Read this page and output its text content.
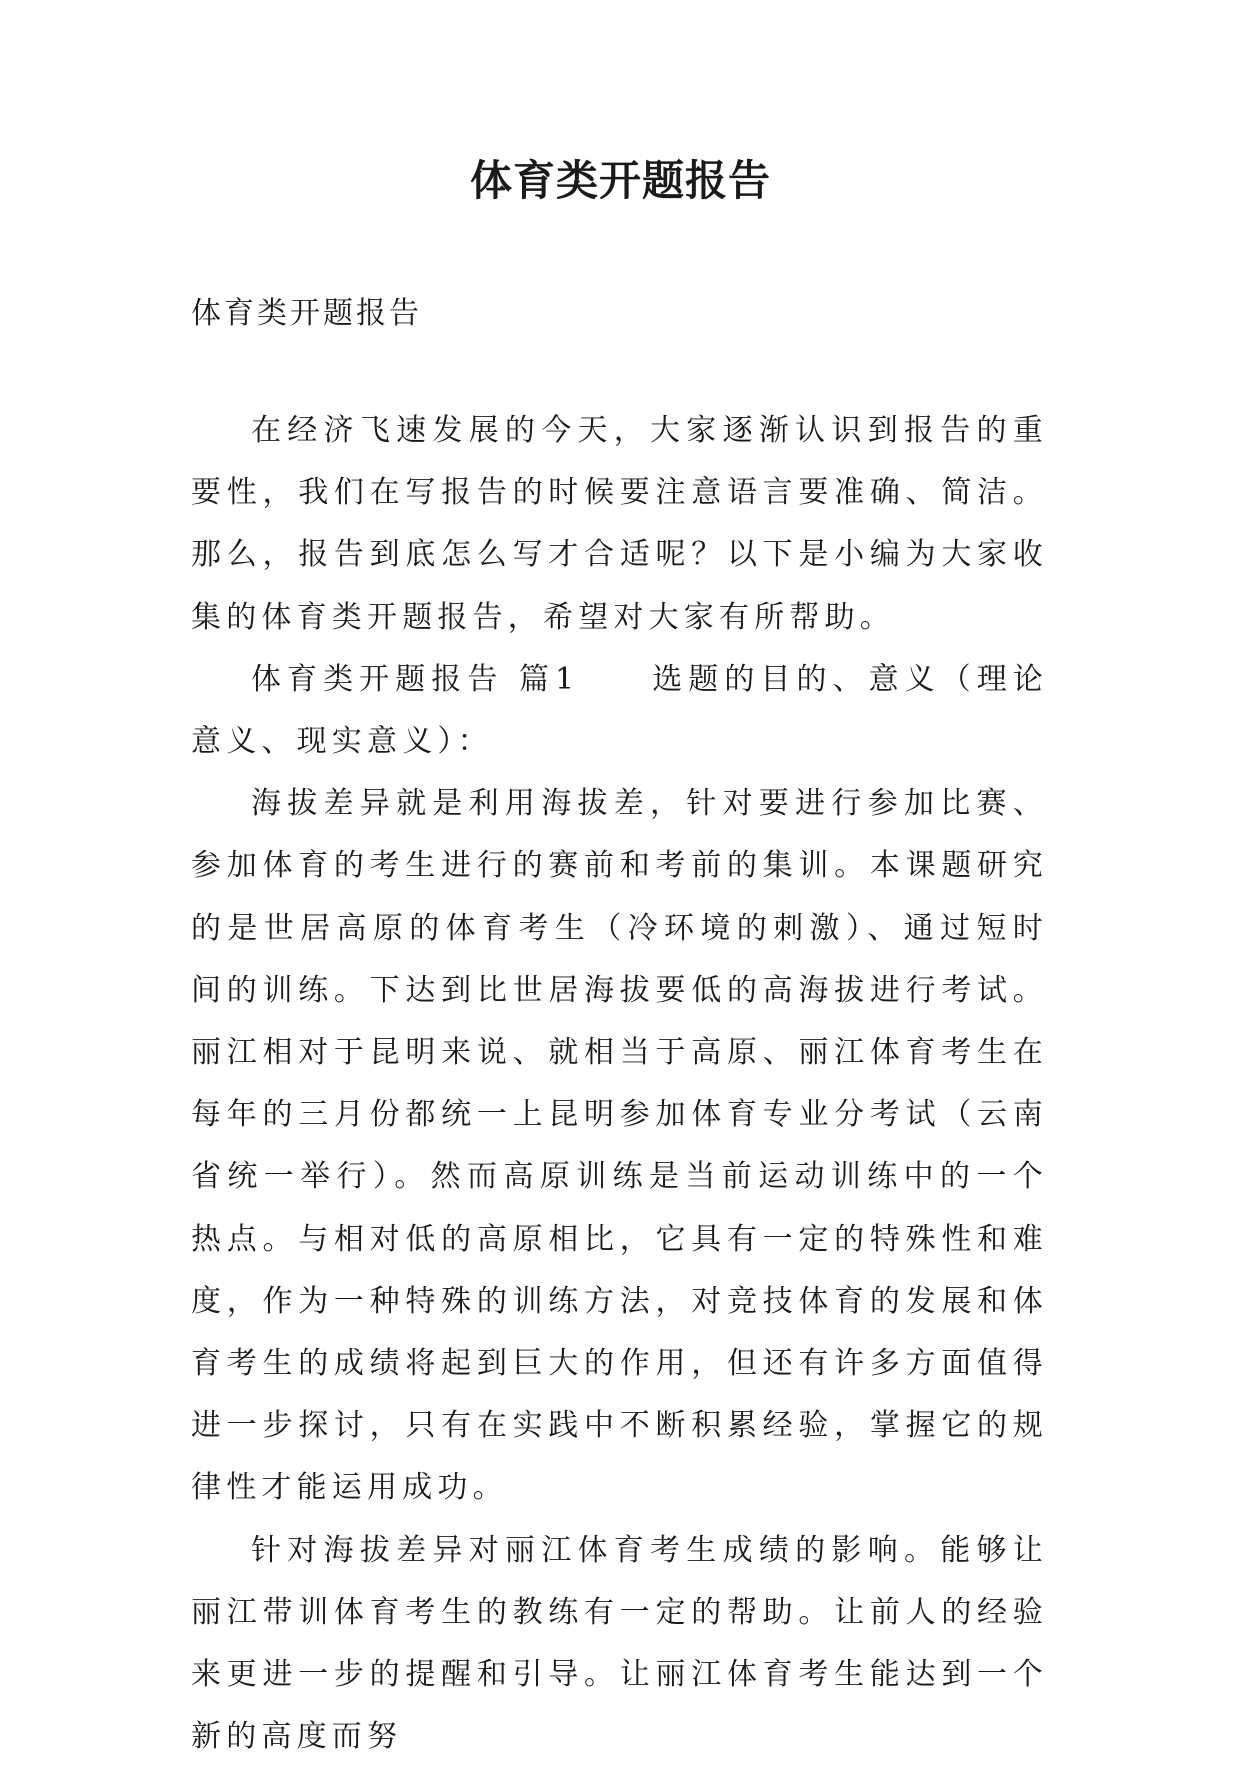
体育类开题报告
体育类开题报告

在经济飞速发展的今天，大家逐渐认识到报告的重要性，我们在写报告的时候要注意语言要准确、简洁。那么，报告到底怎么写才合适呢？以下是小编为大家收集的体育类开题报告，希望对大家有所帮助。

体育类开题报告 篇1　　选题的目的、意义（理论意义、现实意义）：

海拔差异就是利用海拔差，针对要进行参加比赛、参加体育的考生进行的赛前和考前的集训。本课题研究的是世居高原的体育考生（冷环境的刺激）、通过短时间的训练。下达到比世居海拔要低的高海拔进行考试。丽江相对于昆明来说、就相当于高原、丽江体育考生在每年的三月份都统一上昆明参加体育专业分考试（云南省统一举行）。然而高原训练是当前运动训练中的一个热点。与相对低的高原相比，它具有一定的特殊性和难度，作为一种特殊的训练方法，对竞技体育的发展和体育考生的成绩将起到巨大的作用，但还有许多方面值得进一步探讨，只有在实践中不断积累经验，掌握它的规律性才能运用成功。

针对海拔差异对丽江体育考生成绩的影响。能够让丽江带训体育考生的教练有一定的帮助。让前人的经验来更进一步的提醒和引导。让丽江体育考生能达到一个新的高度而努
